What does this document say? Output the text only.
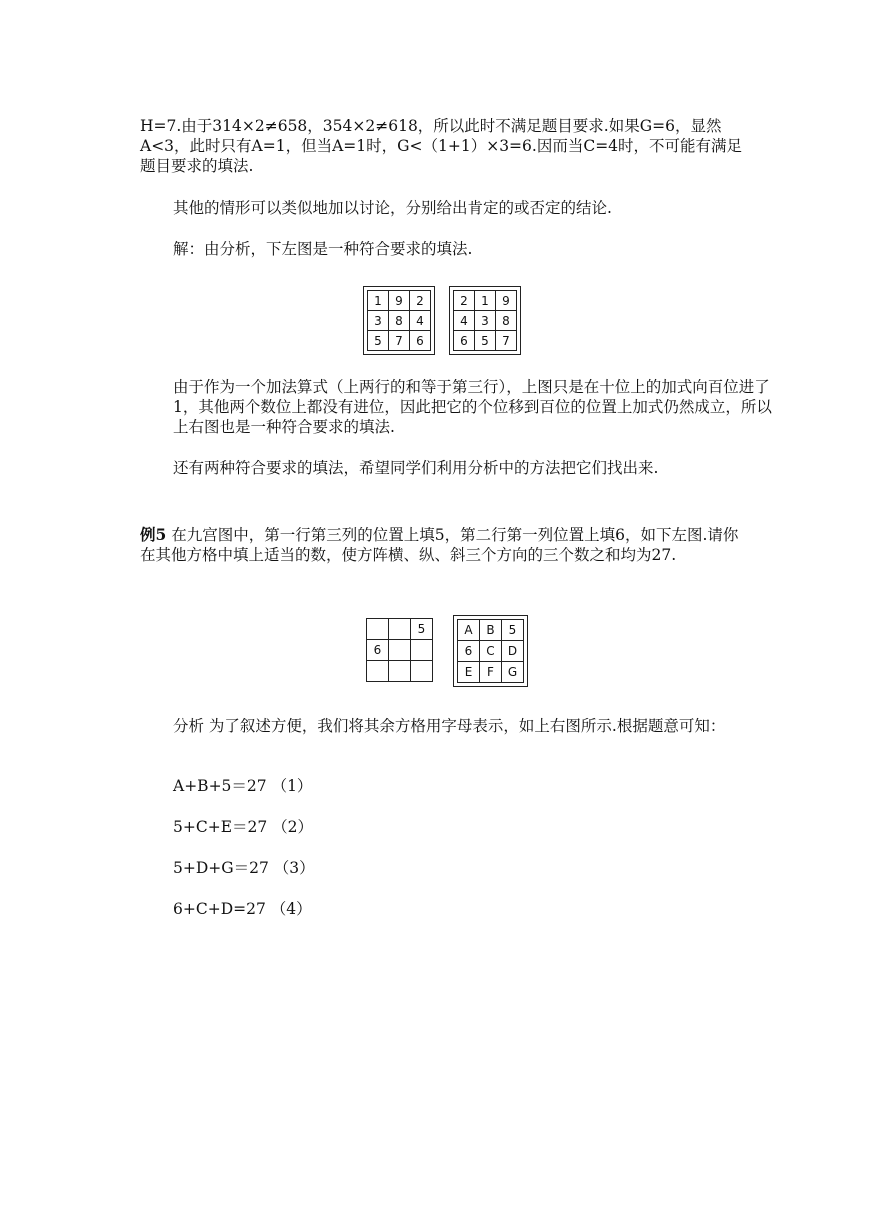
H=7.由于314×2≠658，354×2≠618，所以此时不满足题目要求.如果G=6，显然A<3，此时只有A=1，但当A=1时，G<（1+1）×3=6.因而当C=4时，不可能有满足题目要求的填法.

其他的情形可以类似地加以讨论，分别给出肯定的或否定的结论.

解：由分析，下左图是一种符合要求的填法.

1	9	2
3	8	4
5	7	6
2	1	9
4	3	8
6	5	7

由于作为一个加法算式（上两行的和等于第三行），上图只是在十位上的加式向百位进了1，其他两个数位上都没有进位，因此把它的个位移到百位的位置上加式仍然成立，所以上右图也是一种符合要求的填法.

还有两种符合要求的填法，希望同学们利用分析中的方法把它们找出来.

例5 在九宫图中，第一行第三列的位置上填5，第二行第一列位置上填6，如下左图.请你在其他方格中填上适当的数，使方阵横、纵、斜三个方向的三个数之和均为27.

		5
6		

A	B	5
6	C	D
E	F	G

分析 为了叙述方便，我们将其余方格用字母表示，如上右图所示.根据题意可知：

A+B+5＝27 （1）

5+C+E＝27 （2）

5+D+G＝27 （3）

6+C+D=27 （4）
